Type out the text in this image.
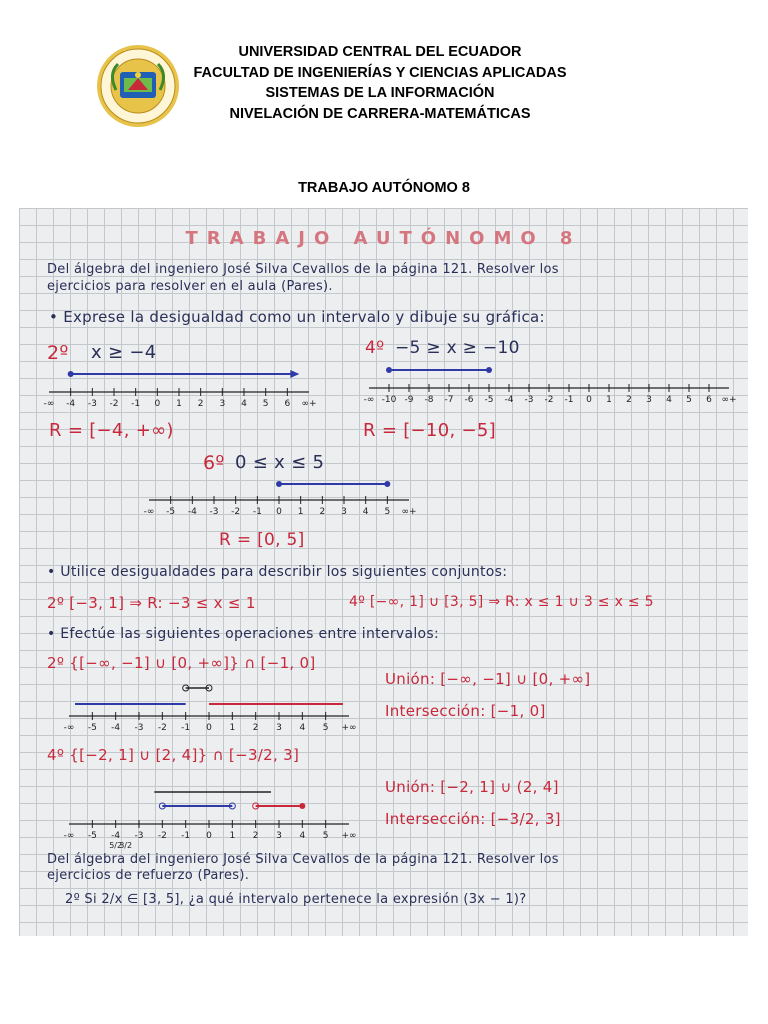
UNIVERSIDAD CENTRAL DEL ECUADOR
FACULTAD DE INGENIERÍAS Y CIENCIAS APLICADAS
SISTEMAS DE LA INFORMACIÓN
NIVELACIÓN DE CARRERA-MATEMÁTICAS
TRABAJO AUTÓNOMO 8
TRABAJO AUTÓNOMO 8
Del álgebra del ingeniero José Silva Cevallos de la página 121. Resolver los
ejercicios para resolver en el aula (Pares).
• Exprese la desigualdad como un intervalo y dibuje su gráfica:
2º x ≥ −4	4º −5 ≥ x ≥ −10
R = [−4, +∞)	R = [−10, −5]
6º 0 ≤ x ≤ 5
R = [0, 5]
• Utilice desigualdades para describir los siguientes conjuntos:
2º [−3, 1] ⇒ R: −3 ≤ x ≤ 1	4º [−∞, 1] ∪ [3, 5] ⇒ R: x ≤ 1 ∪ 3 ≤ x ≤ 5
• Efectúe las siguientes operaciones entre intervalos:
2º {[−∞, −1] ∪ [0, +∞]} ∩ [−1, 0]
Unión: [−∞, −1] ∪ [0, +∞]
Intersección: [−1, 0]
4º {[−2, 1] ∪ [2, 4]} ∩ [−3/2, 3]
Unión: [−2, 1] ∪ (2, 4]
Intersección: [−3/2, 3]
Del álgebra del ingeniero José Silva Cevallos de la página 121. Resolver los
ejercicios de refuerzo (Pares).
2º Si 2/x ∈ [3, 5], ¿a qué intervalo pertenece la expresión (3x − 1)?
-∞ -4 -3 -2 -1 0 1 2 3 4 5 6 ∞+	-∞ -10 -9 -8 -7 -6 -5 -4 -3 -2 -1 0 1 2 3 4 5 6 ∞+
-∞ -5 -4 -3 -2 -1 0 1 2 3 4 5 ∞+
-∞ -5 -4 -3 -2 -1 0 1 2 3 4 5 +∞
-∞ -5 -4 -3 -2 -1 0 1 2 3 4 5 +∞
5/2
3/2
